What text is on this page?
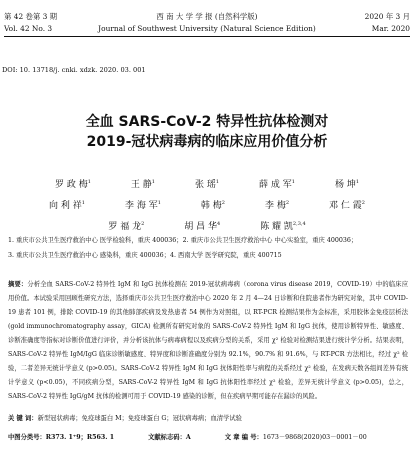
第 42 卷第 3 期	西 南 大 学 学 报 (自然科学版)	2020 年 3 月
Vol. 42 No. 3	Journal of Southwest University (Natural Science Edition)	Mar. 2020
DOI: 10. 13718/j. cnki. xdzk. 2020. 03. 001
全血 SARS-CoV-2 特异性抗体检测对
2019-冠状病毒病的临床应用价值分析
罗 政 梅$^1$	王 静$^1$	张 瑶$^1$	薛 成 军$^1$	杨 坤$^1$
向 利 祥$^1$	李 海 军$^1$	韩 梅$^2$	李 梅$^2$	邓 仁 霞$^2$
罗 福 龙$^2$	胡 昌 华$^4$	陈 耀 凯$^{2,3,4}$
1. 重庆市公共卫生医疗救治中心 医学检验科，重庆 400036；2. 重庆市公共卫生医疗救治中心 中心实验室，重庆 400036；
3. 重庆市公共卫生医疗救治中心 感染科，重庆 400036；4. 西南大学 医学研究院，重庆 400715
摘要：分析全血 SARS-CoV-2 特异性 IgM 和 IgG 抗体检测在 2019-冠状病毒病（corona virus disease 2019，COVID-19）中的临床应用价值。本试验采用回顾性研究方法，选择重庆市公共卫生医疗救治中心 2020 年 2 月 4—24 日诊断和住院患者作为研究对象，其中 COVID-19 患者 101 例，排除 COVID-19 的其他肺部疾病及发热患者 54 例作为对照组，以 RT-PCR 检测结果作为金标准，采用胶体金免疫层析法 (gold immunochromatography assay，GICA) 检测所有研究对象的 SARS-CoV-2 特异性 IgM 和 IgG 抗体，使用诊断特异性、敏感度、诊断准确度等指标对诊断价值进行评价，并分析该抗体与病毒病程以及疾病分型的关系，采用 χ² 检验对检测结果进行统计学分析。结果表明，SARS-CoV-2 特异性 IgM/IgG 临床诊断敏感度、特异度和诊断准确度分别为 92.1%，90.7% 和 91.6%，与 RT-PCR 方法相比，经过 χ² 检验，二者差异无统计学意义 (p>0.05)。SARS-CoV-2 特异性 IgM 和 IgG 抗体阳性率与病程的关系经过 χ² 检验，在发病天数各组间差异有统计学意义 (p<0.05)，不同疾病分型，SARS-CoV-2 特异性 IgM 和 IgG 抗体阳性率经过 χ² 检验，差异无统计学意义 (p>0.05)，总之，SARS-CoV-2 特异性 IgG/gM 抗体的检测可用于 COVID-19 感染的诊断，但在疾病早期可能存在漏诊的风险。
关 键 词：新型冠状病毒；免疫球蛋白 M；免疫球蛋白 G；冠状病毒病；血清学试验
中图分类号：R373. 1⁺9；R563. 1	文献标志码：A	文 章 编 号：1673－9868(2020)03－0001－00
